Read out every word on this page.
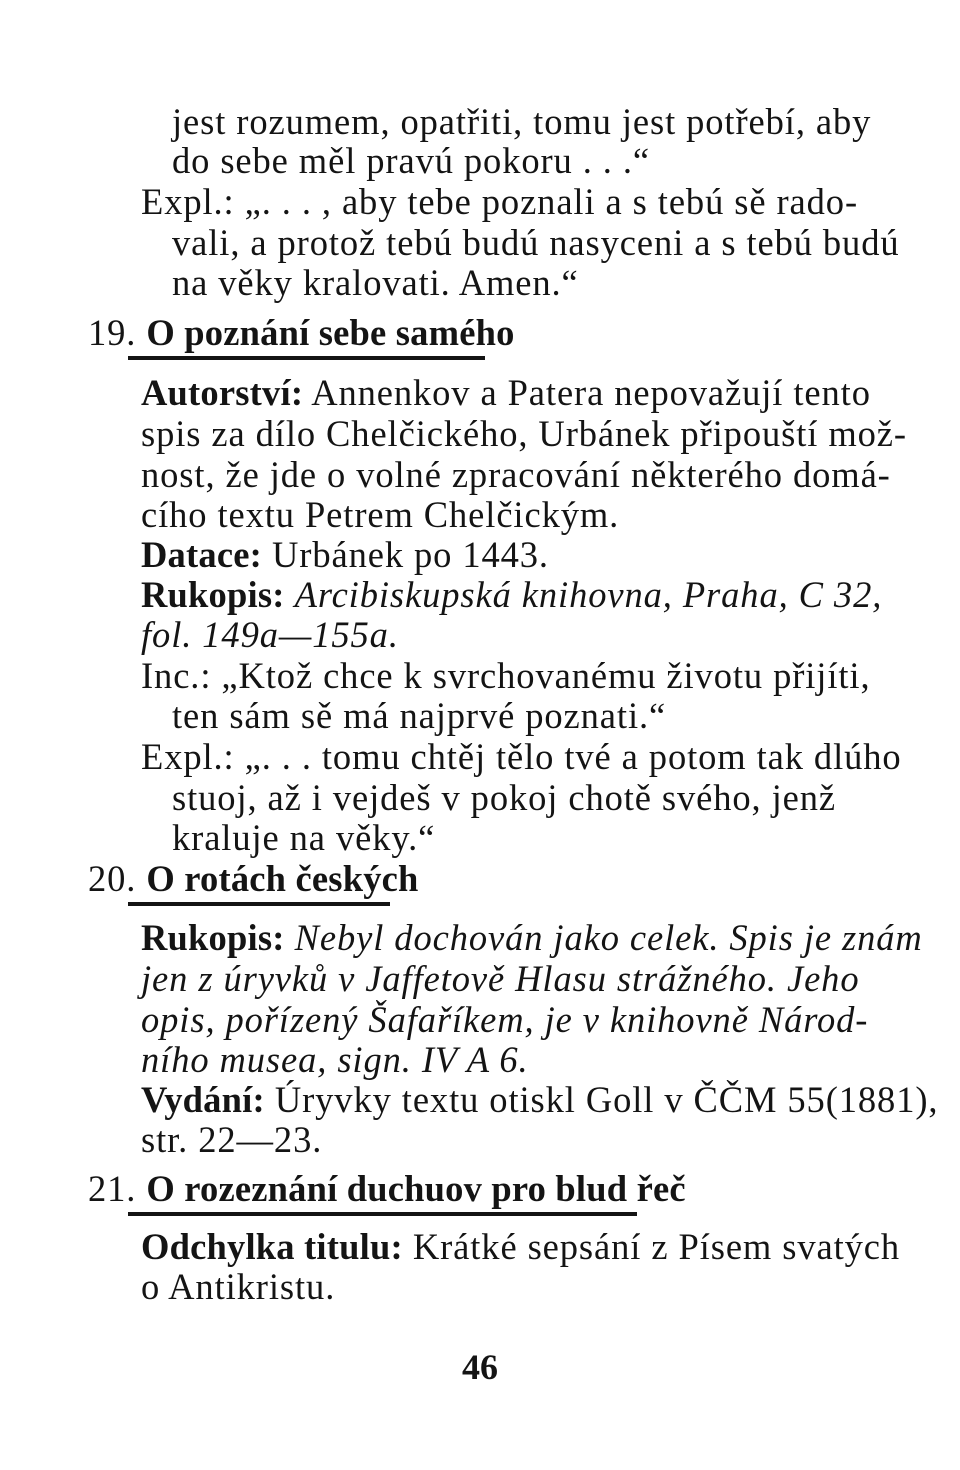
jest rozumem, opatřiti, tomu jest potřebí, aby
do sebe měl pravú pokoru . . .“
Expl.: „. . . , aby tebe poznali a s tebú sě rado-
vali, a protož tebú budú nasyceni a s tebú budú
na věky kralovati. Amen.“
19. O poznání sebe samého
Autorství: Annenkov a Patera nepovažují tento
spis za dílo Chelčického, Urbánek připouští mož-
nost, že jde o volné zpracování některého domá-
cího textu Petrem Chelčickým.
Datace: Urbánek po 1443.
Rukopis: Arcibiskupská knihovna, Praha, C 32,
fol. 149a—155a.
Inc.: „Ktož chce k svrchovanému životu přijíti,
ten sám sě má najprvé poznati.“
Expl.: „. . . tomu chtěj tělo tvé a potom tak dlúho
stuoj, až i vejdeš v pokoj chotě svého, jenž
kraluje na věky.“
20. O rotách českých
Rukopis: Nebyl dochován jako celek. Spis je znám
jen z úryvků v Jaffetově Hlasu strážného. Jeho
opis, pořízený Šafaříkem, je v knihovně Národ-
ního musea, sign. IV A 6.
Vydání: Úryvky textu otiskl Goll v ČČM 55(1881),
str. 22—23.
21. O rozeznání duchuov pro blud řeč
Odchylka titulu: Krátké sepsání z Písem svatých
o Antikristu.
46
